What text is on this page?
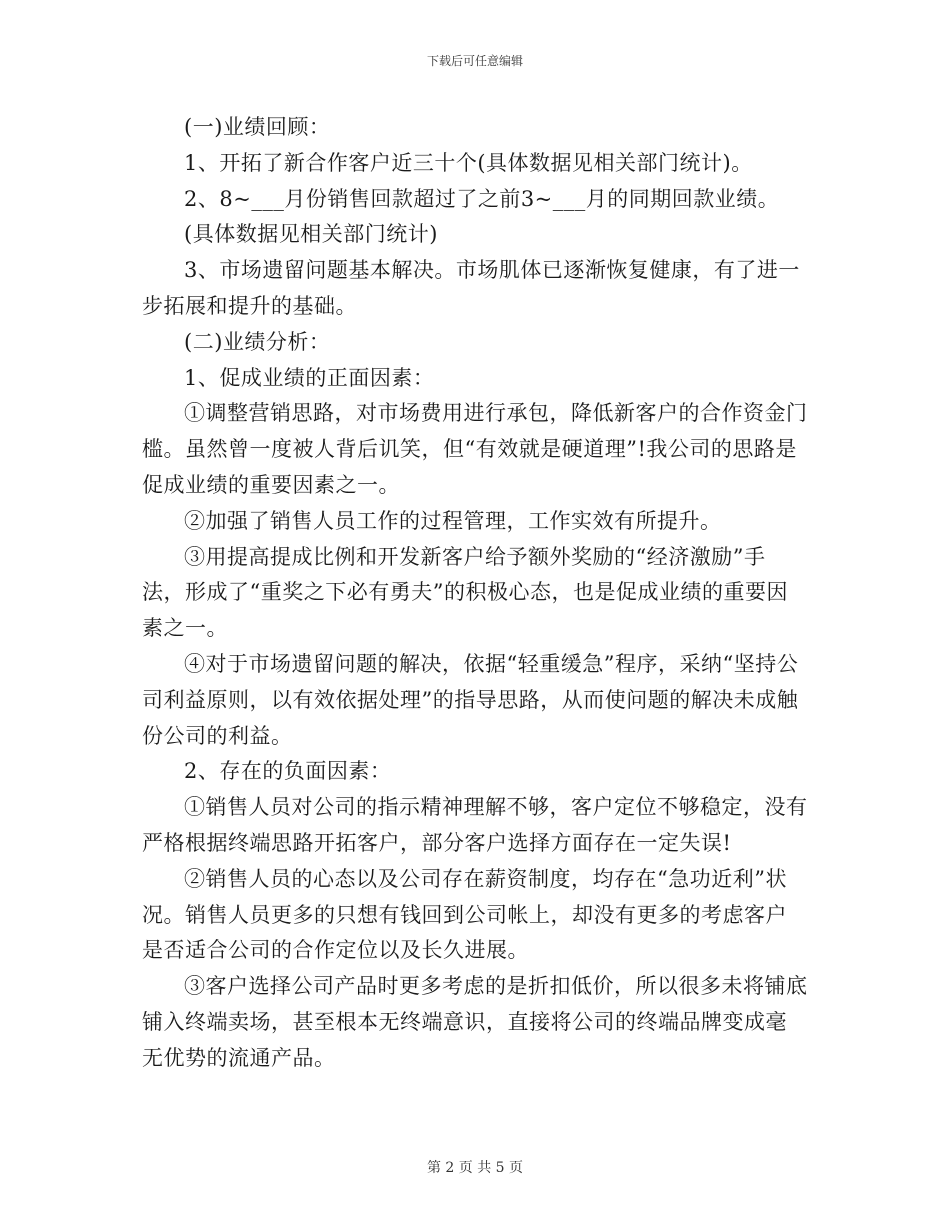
下载后可任意编辑

(一)业绩回顾：

1、开拓了新合作客户近三十个(具体数据见相关部门统计)。

2、8~___月份销售回款超过了之前3~___月的同期回款业绩。

(具体数据见相关部门统计)

3、市场遗留问题基本解决。市场肌体已逐渐恢复健康，有了进一步拓展和提升的基础。

(二)业绩分析：

1、促成业绩的正面因素：

①调整营销思路，对市场费用进行承包，降低新客户的合作资金门槛。虽然曾一度被人背后讥笑，但“有效就是硬道理”!我公司的思路是促成业绩的重要因素之一。

②加强了销售人员工作的过程管理，工作实效有所提升。

③用提高提成比例和开发新客户给予额外奖励的“经济激励”手法，形成了“重奖之下必有勇夫”的积极心态，也是促成业绩的重要因素之一。

④对于市场遗留问题的解决，依据“轻重缓急”程序，采纳“坚持公司利益原则，以有效依据处理”的指导思路，从而使问题的解决未成触份公司的利益。

2、存在的负面因素：

①销售人员对公司的指示精神理解不够，客户定位不够稳定，没有严格根据终端思路开拓客户，部分客户选择方面存在一定失误!

②销售人员的心态以及公司存在薪资制度，均存在“急功近利”状况。销售人员更多的只想有钱回到公司帐上，却没有更多的考虑客户是否适合公司的合作定位以及长久进展。

③客户选择公司产品时更多考虑的是折扣低价，所以很多未将铺底铺入终端卖场，甚至根本无终端意识，直接将公司的终端品牌变成毫无优势的流通产品。

第 2 页 共 5 页
